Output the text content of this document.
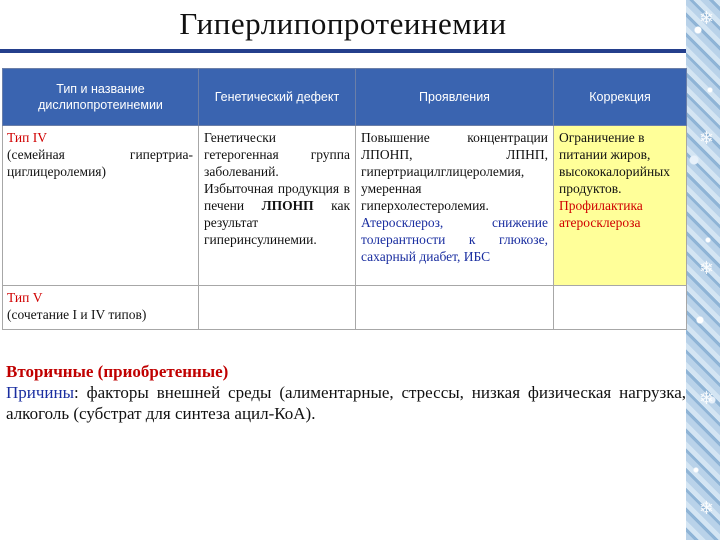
❄
❄
❄
❄
❄
Гиперлипопротеинемии
Тип и название дислипопротеинемии	Генетический дефект	Проявления	Коррекция
Тип IV
(семейная гипертриа-циглицеролемия)	Генетически гетерогенная группа заболеваний. Избыточная продукция в печени ЛПОНП как результат гиперинсулинемии.	Повышение концентрации ЛПОНП, ЛПНП, гипертриацилглицеролемия, умеренная гиперхолестеролемия. Атеросклероз, снижение толерантности к глюкозе, сахарный диабет, ИБС	Ограничение в питании жиров, высококалорийных продуктов. Профилактика атеросклероза
Тип V
(сочетание I и IV типов)			

Вторичные (приобретенные)

Причины: факторы внешней среды (алиментарные, стрессы, низкая физическая нагрузка, алкоголь (субстрат для синтеза ацил-КоА).
